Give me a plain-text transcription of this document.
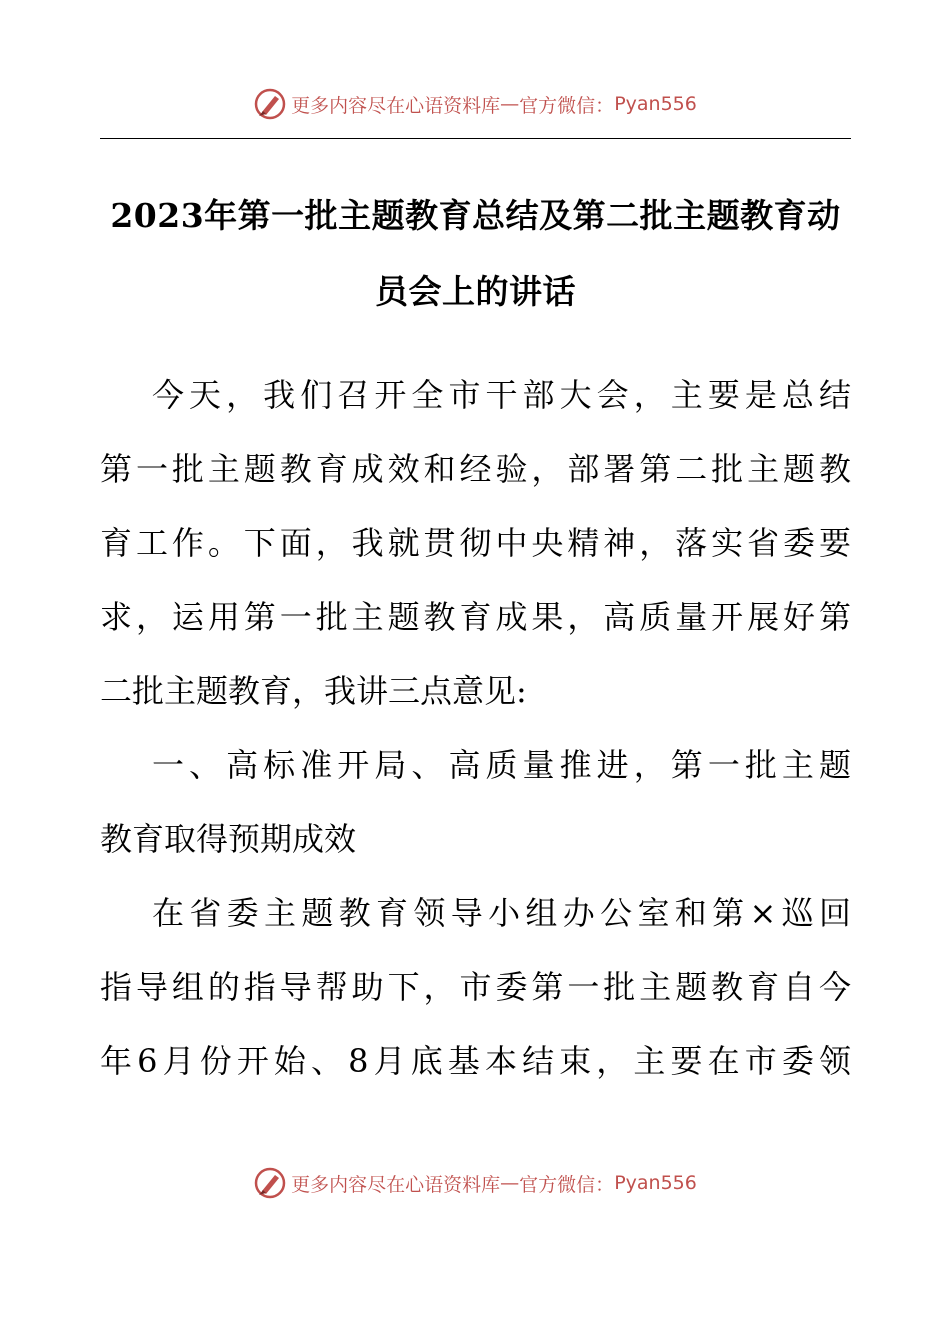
更多内容尽在心语资料库 — 官方微信： Pyan556
2023年第一批主题教育总结及第二批主题教育动
员会上的讲话
今天，我们召开全市干部大会，主要是总结
第一批主题教育成效和经验，部署第二批主题教
育工作。下面，我就贯彻中央精神，落实省委要
求，运用第一批主题教育成果，高质量开展好第
二批主题教育，我讲三点意见:
一、高标准开局、高质量推进，第一批主题
教育取得预期成效
在省委主题教育领导小组办公室和第×巡回
指导组的指导帮助下，市委第一批主题教育自今
年6月份开始、8月底基本结束，主要在市委领
更多内容尽在心语资料库 — 官方微信： Pyan556
